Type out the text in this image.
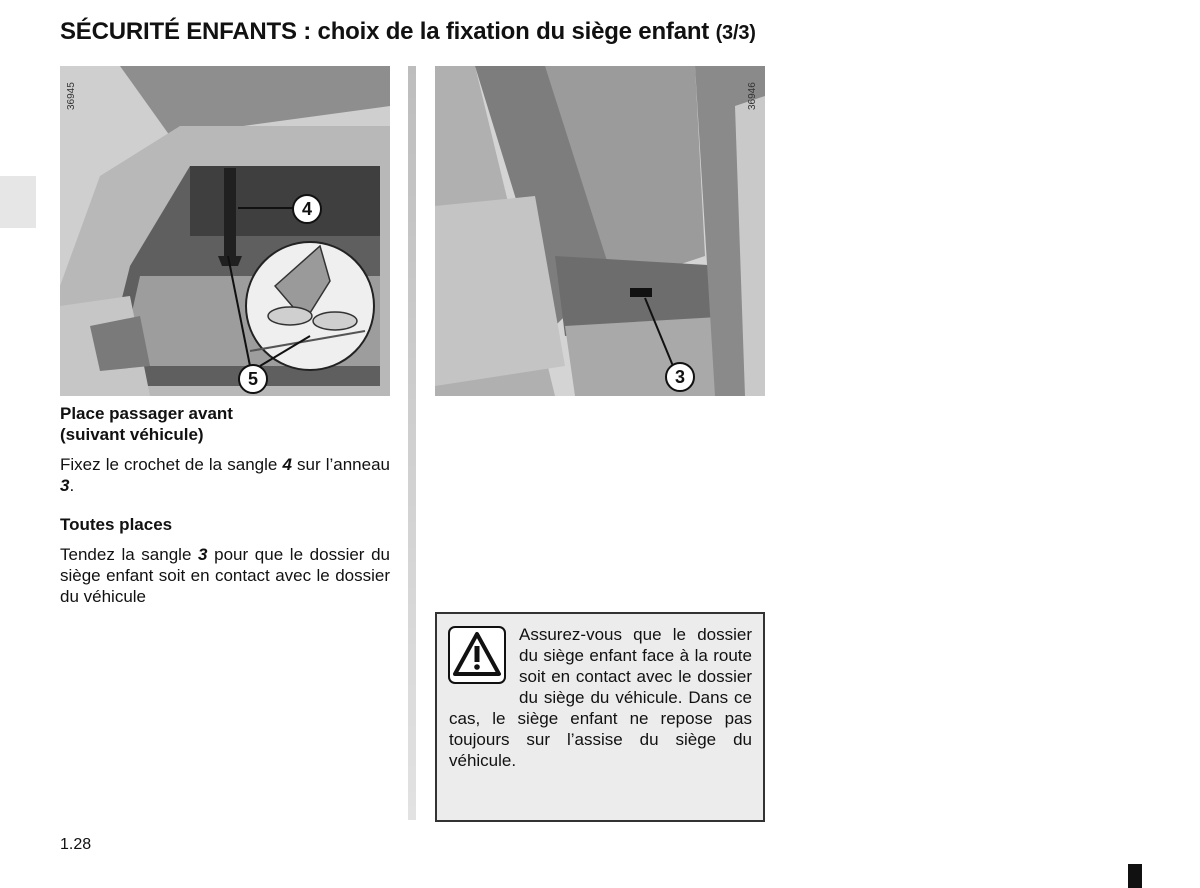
SÉCURITÉ ENFANTS : choix de la fixation du siège enfant (3/3)
36945
4
5
36946
3
Place passager avant
(suivant véhicule)
Fixez le crochet de la sangle 4 sur l’anneau 3.
Toutes places
Tendez la sangle 3 pour que le dossier du siège enfant soit en contact avec le dossier du véhicule
Assurez-vous que le dossier du siège enfant face à la route soit en contact avec le dossier du siège du véhicule. Dans ce cas, le siège enfant ne repose pas toujours sur l’assise du siège du véhicule.
1.28
